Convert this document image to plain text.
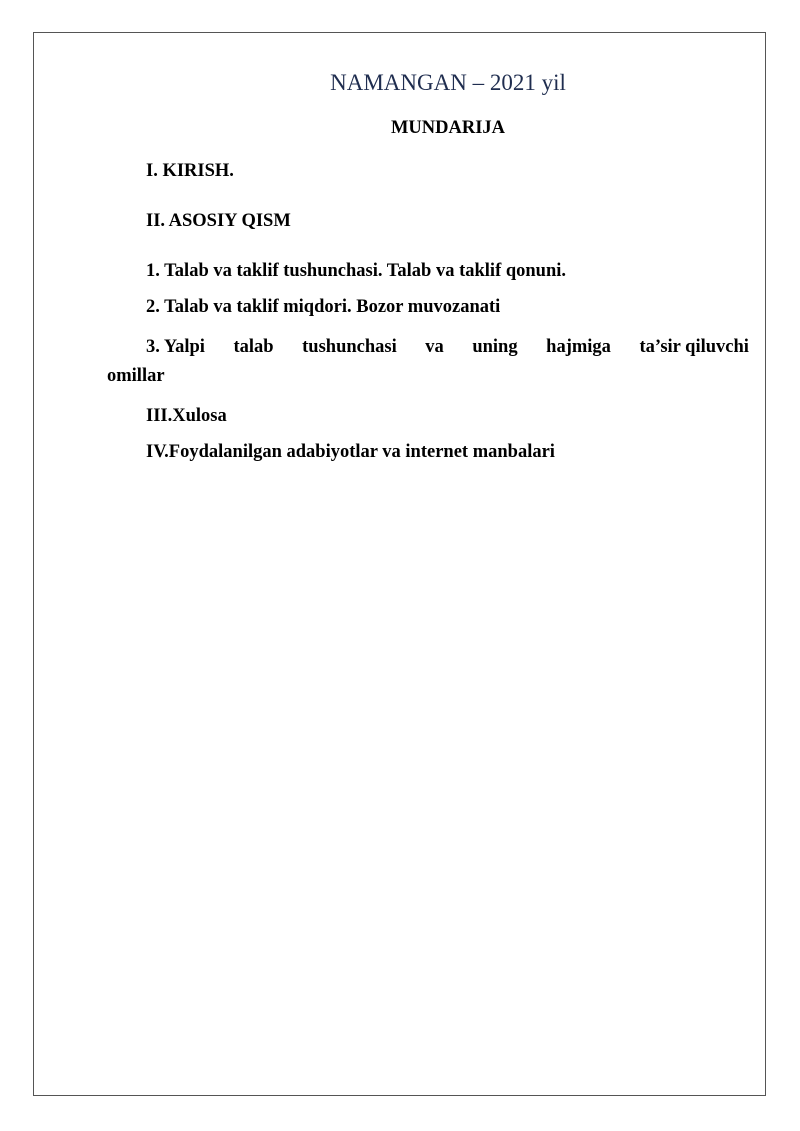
NAMANGAN – 2021 yil
MUNDARIJA
I. KIRISH.
II. ASOSIY QISM
1. Talab va taklif tushunchasi. Talab va taklif qonuni.
2. Talab va taklif miqdori. Bozor muvozanati
3. Yalpi talab tushunchasi va uning hajmiga ta’sir qiluvchi
omillar
III.Xulosa
IV.Foydalanilgan adabiyotlar va internet manbalari
